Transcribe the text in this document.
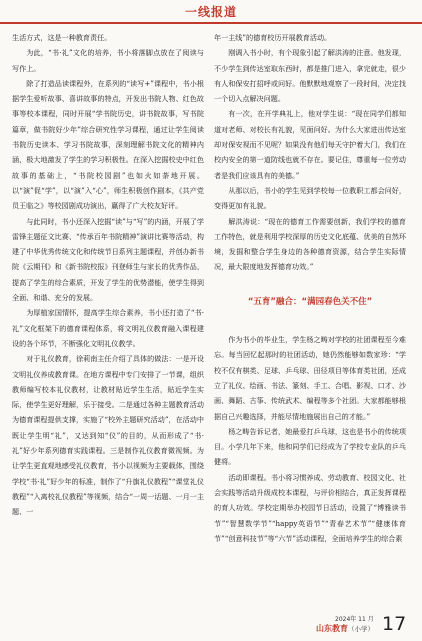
一线报道

生活方式，这是一种教育责任。

为此，“书·礼”文化的培养，书小将落脚点放在了阅读与写作上。

除了打造品读课程外，在系列的“读写+”课程中，书小根据学生爱听故事、喜讲故事的特点，开发出书院人物、红色故事等校本课程，同时开展“学书院历史，讲书院故事，写书院篇章，做书院好少年”综合研究性学习课程，通过让学生阅读书院历史读本、学习书院故事，深刻理解书院文化的精神内涵，极大地激发了学生的学习积极性。在深入挖掘校史中红色故事的基础上，“书院校园剧”也如火如荼地开展。以“演”促“学”，以“演”入“心”，师生积极创作剧本，《共产党员王临之》等校园剧成功演出，赢得了广大校友好评。

与此同时，书小还深入挖掘“读”与“写”的内涵，开展了学雷锋主题征文比赛、“传承百年书院精神”演讲比赛等活动，构建了中华优秀传统文化和传统节日系列主题课程，并创办新书院《云期刊》和《新书院校报》刊登师生与家长的优秀作品，提高了学生的综合素质，开发了学生的优势潜能，使学生得到全面、和谐、充分的发展。

为厚植家国情怀，提高学生综合素养，书小还打造了“书·礼”文化框架下的德育课程体系，将文明礼仪教育融入课程建设的各个环节，不断强化文明礼仪教学。

对于礼仪教育，徐莉南主任介绍了具体的做法：一是开设文明礼仪养成教育课。在地方课程中专门安排了一节课，组织教师编写校本礼仪教材，让教材贴近学生生活，贴近学生实际，使学生更好理解，乐于接受。二是通过各种主题教育活动为德育课程提供支撑，实施了“校外主题研究活动”，在活动中既让学生明“礼”，又达到知“仪”的目的，从而形成了“书·礼”好少年系列德育实践课程。三是制作礼仪教育微视频。为让学生更直观地感受礼仪教育，书小以视频为主要载体，围绕学校“书·礼”好少年的标准，制作了“升旗礼仪教程”“课堂礼仪教程”“入离校礼仪教程”等视频，结合“一周一话题、一月一主题、一

年一主线”的德育校历开展教育活动。

刚调入书小时，有个现象引起了解洪涛的注意。他发现，不少学生到传达室取东西时，都是推门进入，拿完就走，很少有人和保安打招呼或问好。他默默地观察了一段时间，决定找一个切入点解决问题。

有一次，在开学典礼上，他对学生说：“现在同学们都知道对老师、对校长有礼貌，见面问好。为什么大家进出传达室却对保安视而不见呢？如果没有他们每天守护着大门，我们在校内安全的第一道防线也就不存在。要记住，尊重每一位劳动者是我们应该具有的美德。”

从那以后，书小的学生见到学校每一位教职工都会问好，变得更加有礼貌。

解洪涛说：“现在的德育工作需要创新，我们学校的德育工作特色，就是利用学校深厚的历史文化底蕴、优美的自然环境，发掘和整合学生身边的各种德育资源，结合学生实际情况，最大限度地发挥德育功效。”

“五育”融合：“满园春色关不住”

作为书小的毕业生，学生杨之畴对学校的社团课程至今难忘。每当回忆起那时的社团活动，她仍然能够如数家珍：“学校不仅有棋类、足球、乒乓球、田径项目等体育类社团，还成立了礼仪、绘画、书法、篆刻、手工、合唱、影视、口才、沙画、舞蹈、古筝、传统武术、编程等多个社团。大家都能够根据自己兴趣选择，并能尽情地施展出自己的才能。”

杨之畴告诉记者，她最爱打乒乓球，这也是书小的传统项目。小学几年下来，他和同学们已经成为了学校专业队的乒乓健将。

活动即课程。书小将习惯养成、劳动教育、校园文化、社会实践等活动升级成校本课程，与评价相结合，真正发挥课程的育人功效。学校定期举办校园节日活动，设置了“博雅读书节”“智慧数学节”“happy英语节”“青春艺术节”“健康体育节”“创意科技节”等“六节”活动课程，全面培养学生的综合素

2024年 11 月
山东教育（小学） 17
